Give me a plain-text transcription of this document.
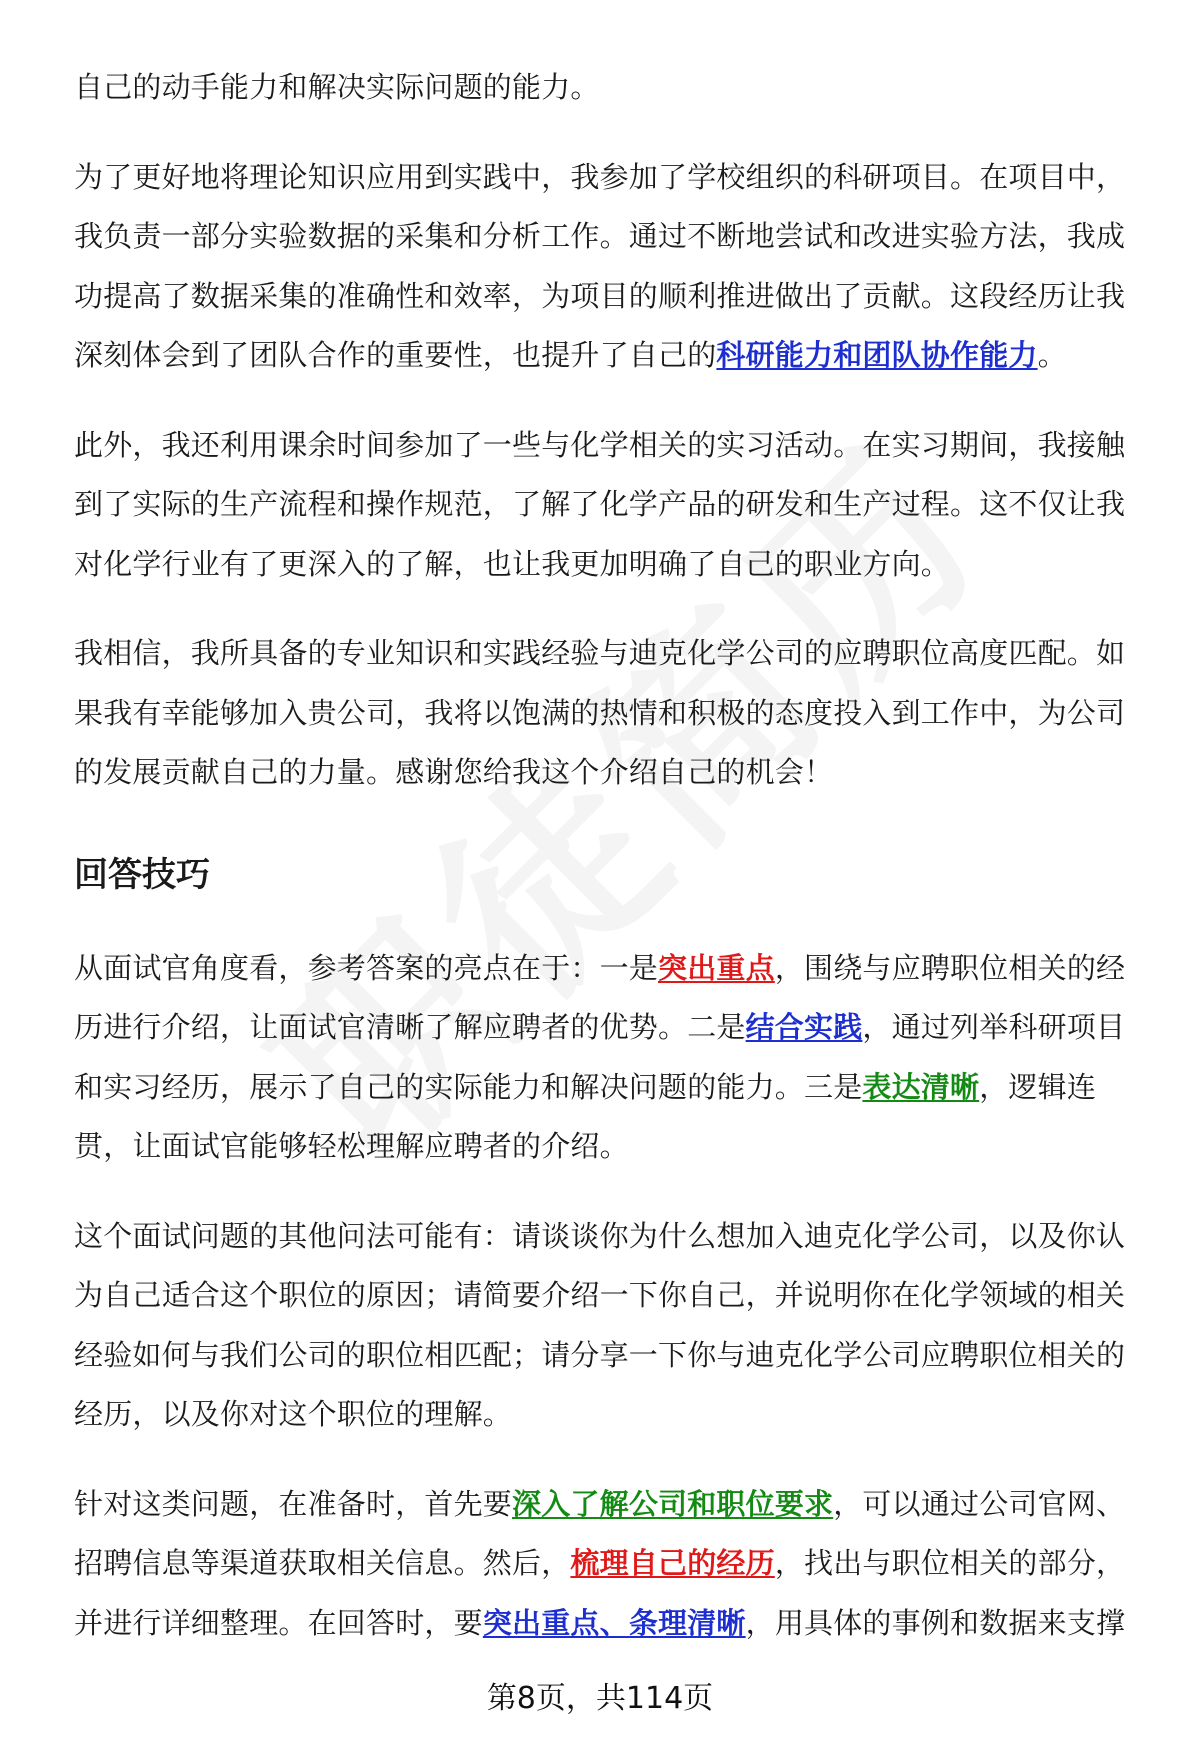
自己的动手能力和解决实际问题的能力。

为了更好地将理论知识应用到实践中，我参加了学校组织的科研项目。在项目中，我负责一部分实验数据的采集和分析工作。通过不断地尝试和改进实验方法，我成功提高了数据采集的准确性和效率，为项目的顺利推进做出了贡献。这段经历让我深刻体会到了团队合作的重要性，也提升了自己的科研能力和团队协作能力。

此外，我还利用课余时间参加了一些与化学相关的实习活动。在实习期间，我接触到了实际的生产流程和操作规范，了解了化学产品的研发和生产过程。这不仅让我对化学行业有了更深入的了解，也让我更加明确了自己的职业方向。

我相信，我所具备的专业知识和实践经验与迪克化学公司的应聘职位高度匹配。如果我有幸能够加入贵公司，我将以饱满的热情和积极的态度投入到工作中，为公司的发展贡献自己的力量。感谢您给我这个介绍自己的机会！

回答技巧

从面试官角度看，参考答案的亮点在于：一是突出重点，围绕与应聘职位相关的经历进行介绍，让面试官清晰了解应聘者的优势。二是结合实践，通过列举科研项目和实习经历，展示了自己的实际能力和解决问题的能力。三是表达清晰，逻辑连贯，让面试官能够轻松理解应聘者的介绍。

这个面试问题的其他问法可能有：请谈谈你为什么想加入迪克化学公司，以及你认为自己适合这个职位的原因；请简要介绍一下你自己，并说明你在化学领域的相关经验如何与我们公司的职位相匹配；请分享一下你与迪克化学公司应聘职位相关的经历，以及你对这个职位的理解。

针对这类问题，在准备时，首先要深入了解公司和职位要求，可以通过公司官网、招聘信息等渠道获取相关信息。然后，梳理自己的经历，找出与职位相关的部分，并进行详细整理。在回答时，要突出重点、条理清晰，用具体的事例和数据来支撑

第8页，共114页
